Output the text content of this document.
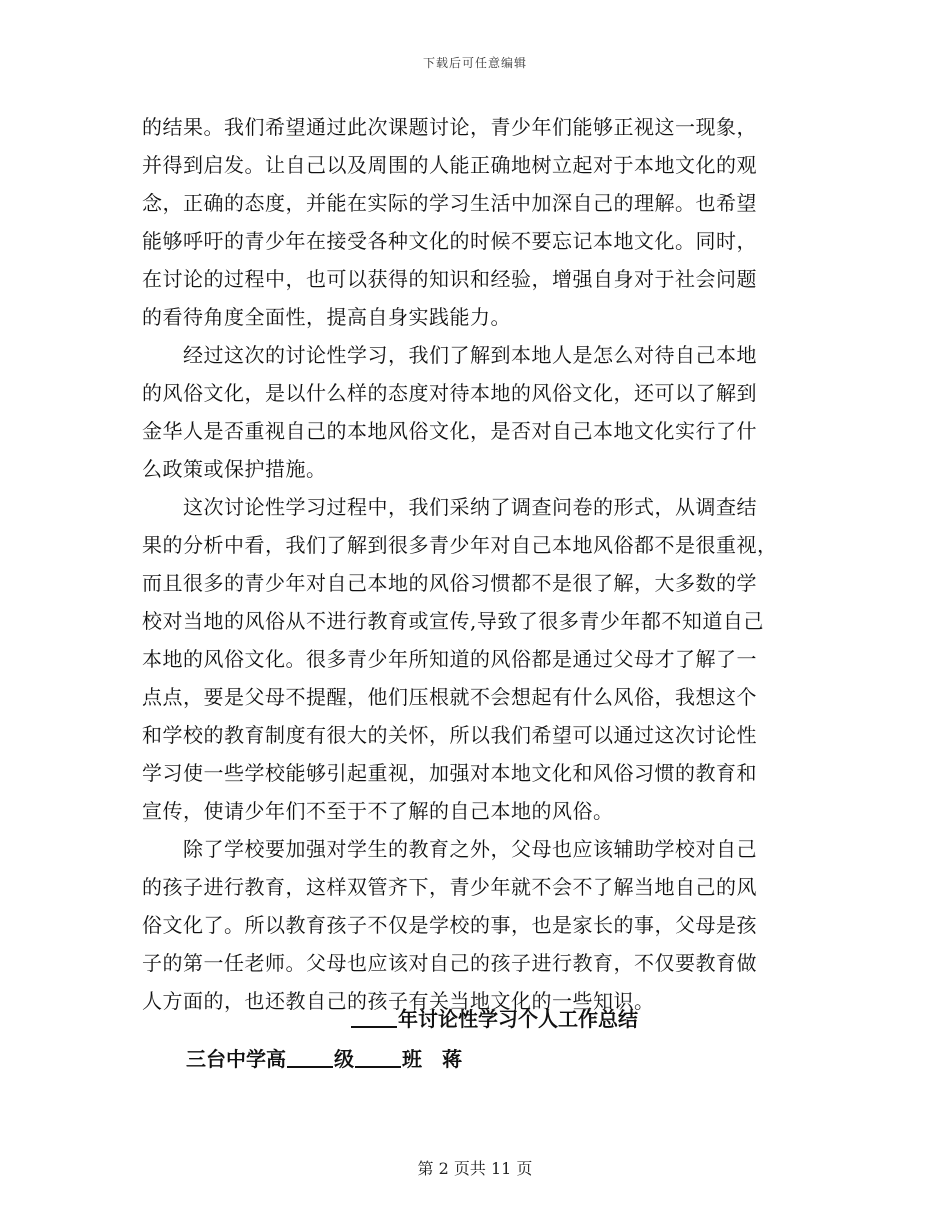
下载后可任意编辑
的结果。我们希望通过此次课题讨论，青少年们能够正视这一现象，
并得到启发。让自己以及周围的人能正确地树立起对于本地文化的观
念，正确的态度，并能在实际的学习生活中加深自己的理解。也希望
能够呼吁的青少年在接受各种文化的时候不要忘记本地文化。同时，
在讨论的过程中，也可以获得的知识和经验，增强自身对于社会问题
的看待角度全面性，提高自身实践能力。
　　经过这次的讨论性学习，我们了解到本地人是怎么对待自己本地
的风俗文化，是以什么样的态度对待本地的风俗文化，还可以了解到
金华人是否重视自己的本地风俗文化，是否对自己本地文化实行了什
么政策或保护措施。
　　这次讨论性学习过程中，我们采纳了调查问卷的形式，从调查结
果的分析中看，我们了解到很多青少年对自己本地风俗都不是很重视，
而且很多的青少年对自己本地的风俗习惯都不是很了解，大多数的学
校对当地的风俗从不进行教育或宣传,导致了很多青少年都不知道自己
本地的风俗文化。很多青少年所知道的风俗都是通过父母才了解了一
点点，要是父母不提醒，他们压根就不会想起有什么风俗，我想这个
和学校的教育制度有很大的关怀，所以我们希望可以通过这次讨论性
学习使一些学校能够引起重视，加强对本地文化和风俗习惯的教育和
宣传，使请少年们不至于不了解的自己本地的风俗。
　　除了学校要加强对学生的教育之外，父母也应该辅助学校对自己
的孩子进行教育，这样双管齐下，青少年就不会不了解当地自己的风
俗文化了。所以教育孩子不仅是学校的事，也是家长的事，父母是孩
子的第一任老师。父母也应该对自己的孩子进行教育，不仅要教育做
人方面的，也还教自己的孩子有关当地文化的一些知识。
年讨论性学习个人工作总结
三台中学高 级 班 蒋
第 2 页共 11 页
